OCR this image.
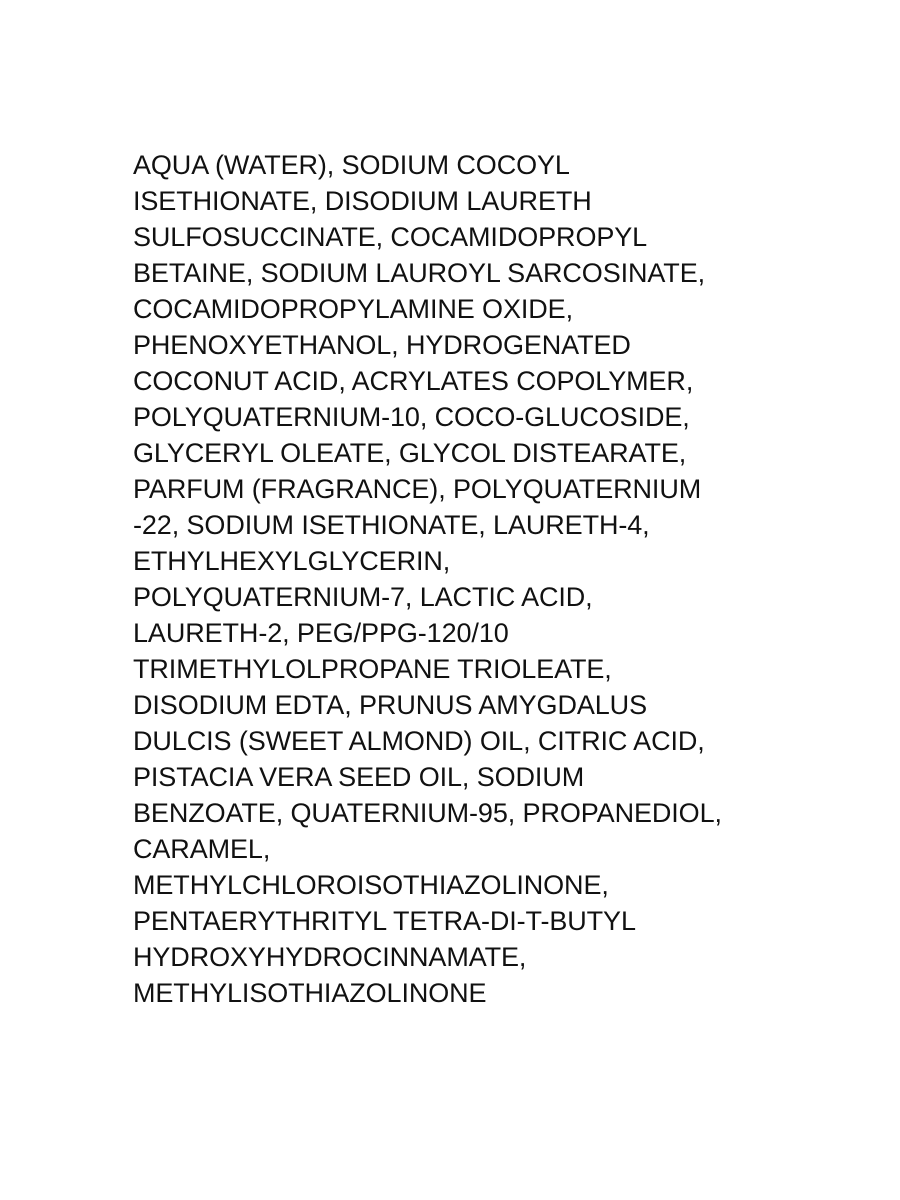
AQUA (WATER), SODIUM COCOYL
ISETHIONATE, DISODIUM LAURETH
SULFOSUCCINATE, COCAMIDOPROPYL
BETAINE, SODIUM LAUROYL SARCOSINATE,
COCAMIDOPROPYLAMINE OXIDE,
PHENOXYETHANOL, HYDROGENATED
COCONUT ACID, ACRYLATES COPOLYMER,
POLYQUATERNIUM-10, COCO-GLUCOSIDE,
GLYCERYL OLEATE, GLYCOL DISTEARATE,
PARFUM (FRAGRANCE), POLYQUATERNIUM
-22, SODIUM ISETHIONATE, LAURETH-4,
ETHYLHEXYLGLYCERIN,
POLYQUATERNIUM-7, LACTIC ACID,
LAURETH-2, PEG/PPG-120/10
TRIMETHYLOLPROPANE TRIOLEATE,
DISODIUM EDTA, PRUNUS AMYGDALUS
DULCIS (SWEET ALMOND) OIL, CITRIC ACID,
PISTACIA VERA SEED OIL, SODIUM
BENZOATE, QUATERNIUM-95, PROPANEDIOL,
CARAMEL,
METHYLCHLOROISOTHIAZOLINONE,
PENTAERYTHRITYL TETRA-DI-T-BUTYL
HYDROXYHYDROCINNAMATE,
METHYLISOTHIAZOLINONE
